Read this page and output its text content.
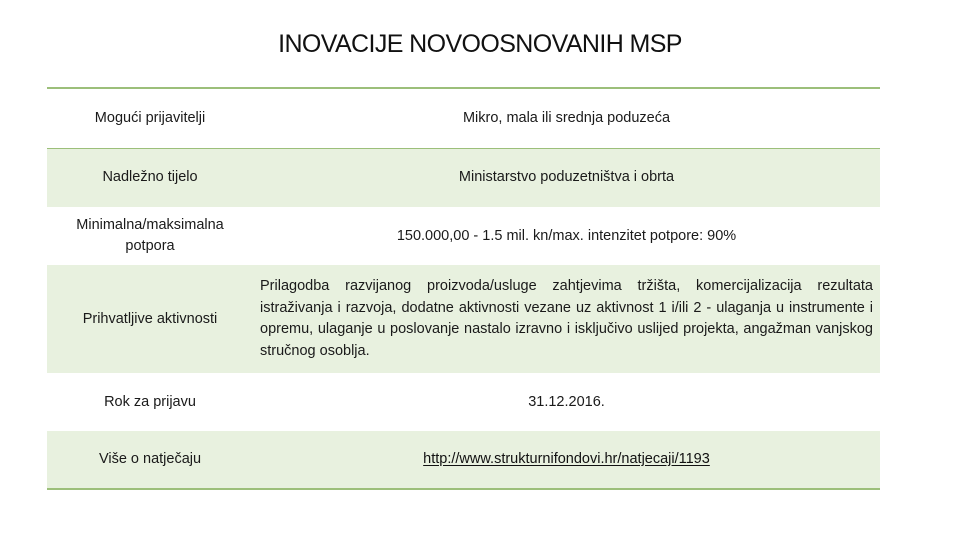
INOVACIJE NOVOOSNOVANIH MSP
Mogući prijavitelji	Mikro, mala ili srednja poduzeća
Nadležno tijelo	Ministarstvo poduzetništva i obrta
Minimalna/maksimalna potpora	150.000,00 - 1.5 mil. kn/max. intenzitet potpore: 90%
Prihvatljive aktivnosti	Prilagodba razvijanog proizvoda/usluge zahtjevima tržišta, komercijalizacija rezultata istraživanja i razvoja, dodatne aktivnosti vezane uz aktivnost 1 i/ili 2 - ulaganja u instrumente i opremu, ulaganje u poslovanje nastalo izravno i isključivo uslijed projekta, angažman vanjskog stručnog osoblja.
Rok za prijavu	31.12.2016.
Više o natječaju	http://www.strukturnifondovi.hr/natjecaji/1193
